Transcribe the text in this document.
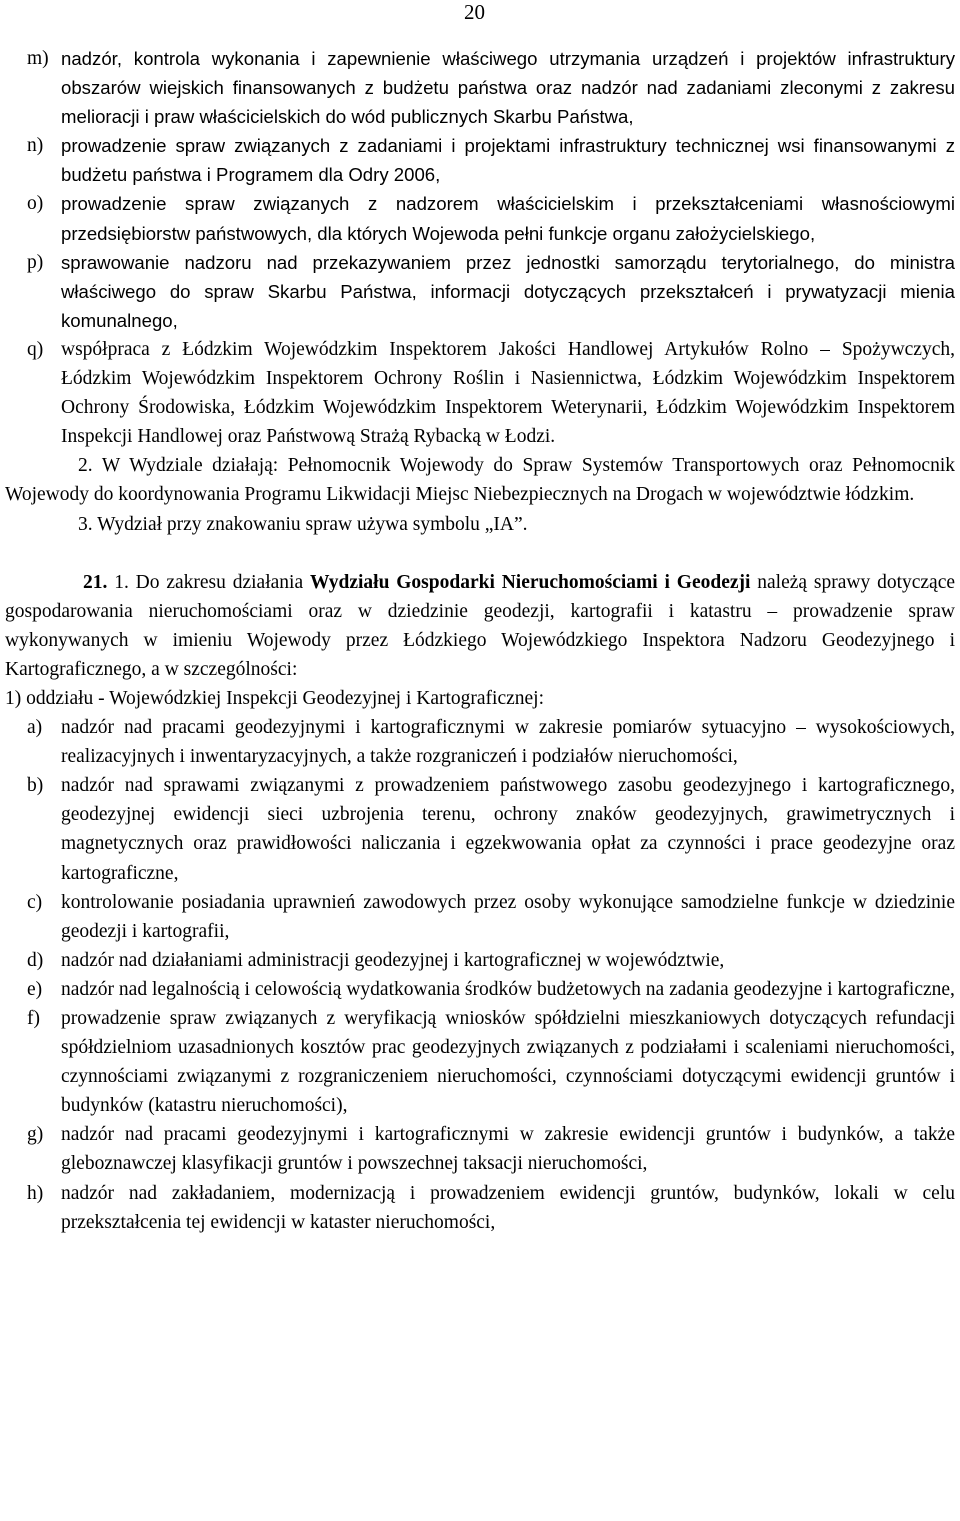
20
m) nadzór, kontrola wykonania i zapewnienie właściwego utrzymania urządzeń i projektów infrastruktury obszarów wiejskich finansowanych z budżetu państwa oraz nadzór nad zadaniami zleconymi z zakresu melioracji i praw właścicielskich do wód publicznych Skarbu Państwa,
n) prowadzenie spraw związanych z zadaniami i projektami infrastruktury technicznej wsi finansowanymi z budżetu państwa i Programem dla Odry 2006,
o) prowadzenie spraw związanych z nadzorem właścicielskim i przekształceniami własnościowymi przedsiębiorstw państwowych, dla których Wojewoda pełni funkcje organu założycielskiego,
p) sprawowanie nadzoru nad przekazywaniem przez jednostki samorządu terytorialnego, do ministra właściwego do spraw Skarbu Państwa, informacji dotyczących przekształceń i prywatyzacji mienia komunalnego,
q) współpraca z Łódzkim Wojewódzkim Inspektorem Jakości Handlowej Artykułów Rolno – Spożywczych, Łódzkim Wojewódzkim Inspektorem Ochrony Roślin i Nasiennictwa, Łódzkim Wojewódzkim Inspektorem Ochrony Środowiska, Łódzkim Wojewódzkim Inspektorem Weterynarii, Łódzkim Wojewódzkim Inspektorem Inspekcji Handlowej oraz Państwową Strażą Rybacką w Łodzi.
2. W Wydziale działają: Pełnomocnik Wojewody do Spraw Systemów Transportowych oraz Pełnomocnik Wojewody do koordynowania Programu Likwidacji Miejsc Niebezpiecznych na Drogach w województwie łódzkim.
3. Wydział przy znakowaniu spraw używa symbolu „IA”.
21. 1. Do zakresu działania Wydziału Gospodarki Nieruchomościami i Geodezji należą sprawy dotyczące gospodarowania nieruchomościami oraz w dziedzinie geodezji, kartografii i katastru – prowadzenie spraw wykonywanych w imieniu Wojewody przez Łódzkiego Wojewódzkiego Inspektora Nadzoru Geodezyjnego i Kartograficznego, a w szczególności:
1) oddziału - Wojewódzkiej Inspekcji Geodezyjnej i Kartograficznej:
a) nadzór nad pracami geodezyjnymi i kartograficznymi w zakresie pomiarów sytuacyjno – wysokościowych, realizacyjnych i inwentaryzacyjnych, a także rozgraniczeń i podziałów nieruchomości,
b) nadzór nad sprawami związanymi z prowadzeniem państwowego zasobu geodezyjnego i kartograficznego, geodezyjnej ewidencji sieci uzbrojenia terenu, ochrony znaków geodezyjnych, grawimetrycznych i magnetycznych oraz prawidłowości naliczania i egzekwowania opłat za czynności i prace geodezyjne oraz kartograficzne,
c) kontrolowanie posiadania uprawnień zawodowych przez osoby wykonujące samodzielne funkcje w dziedzinie geodezji i kartografii,
d) nadzór nad działaniami administracji geodezyjnej i kartograficznej w województwie,
e) nadzór nad legalnością i celowością wydatkowania środków budżetowych na zadania geodezyjne i kartograficzne,
f)	prowadzenie spraw związanych z weryfikacją wniosków spółdzielni mieszkaniowych dotyczących refundacji spółdzielniom uzasadnionych kosztów prac geodezyjnych związanych z podziałami i scaleniami nieruchomości, czynnościami związanymi z rozgraniczeniem nieruchomości, czynnościami dotyczącymi ewidencji gruntów i budynków (katastru nieruchomości),
g) nadzór nad pracami geodezyjnymi i kartograficznymi w zakresie ewidencji gruntów i budynków, a także gleboznawczej klasyfikacji gruntów i powszechnej taksacji nieruchomości,
h) nadzór nad zakładaniem, modernizacją i prowadzeniem ewidencji gruntów, budynków, lokali w celu przekształcenia tej ewidencji w kataster nieruchomości,
